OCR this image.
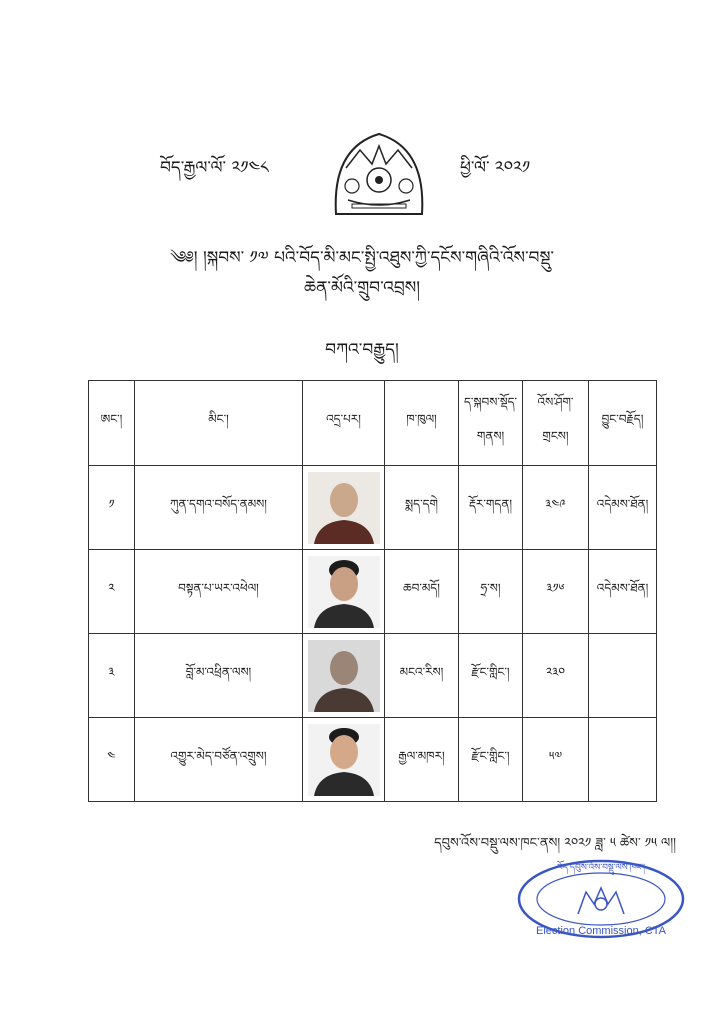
བོད་རྒྱལ་ལོ་ ༢༡༤༨	ཕྱི་ལོ་ ༢༠༢༡
༄༅། །སྐབས་ ༡༧ པའི་བོད་མི་མང་སྤྱི་འཐུས་ཀྱི་དངོས་གཞིའི་འོས་བསྡུ་
ཆེན་མོའི་གྲུབ་འབྲས།
བཀའ་བརྒྱུད།
ཨང་།	མིང་།	འདྲ་པར།	ཁ་ཁུལ།	ད་སྐབས་སྡོད་གནས།	འོས་ཤོག་གྲངས།	བྱུང་བརྗོད།
༡	ཀུན་དགའ་བསོད་ནམས།		སྨད་དགེ	རྡོར་གདན།	༣༤༩	འདེམས་ཐོན།
༢	བསྟན་པ་ཡར་འཕེལ།		ཆབ་མདོ།	ཧྲ་ས།	༣༡༦	འདེམས་ཐོན།
༣	བློ་མ་འཕྲིན་ལས།		མངའ་རིས།	རྫོང་གླིང་།	༢༣༠	
༤	འགྱུར་མེད་བཙོན་འགྲུས།		རྒྱལ་མཁར།	རྫོང་གླིང་།	༥༧	
དབུས་འོས་བསྡུ་ལས་ཁང་ནས། ༢༠༢༡ ཟླ་ ༥ ཚེས་ ༡༥ ལ།།
བོད་དབུས་འོས་བསྡུ་ལས་ཁང་།
Election Commission, CTA
